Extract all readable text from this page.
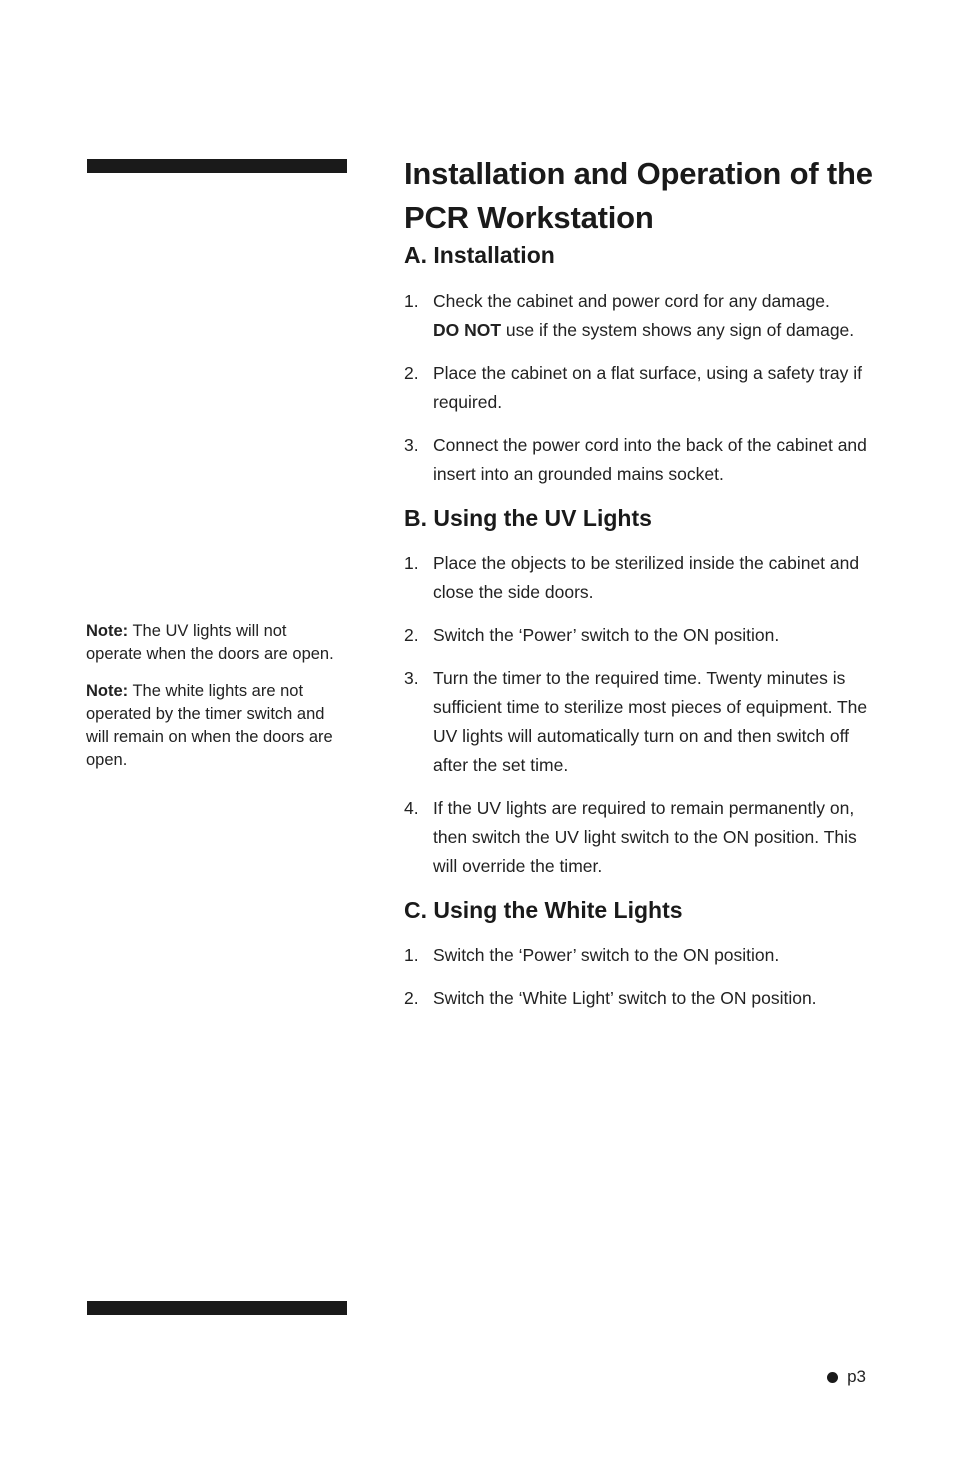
Note: The UV lights will not operate when the doors are open.

Note: The white lights are not operated by the timer switch and will remain on when the doors are open.

Installation and Operation of the PCR Workstation
A. Installation
1. Check the cabinet and power cord for any damage.
DO NOT use if the system shows any sign of damage.
2. Place the cabinet on a flat surface, using a safety tray if required.
3. Connect the power cord into the back of the cabinet and insert into an grounded mains socket.
B. Using the UV Lights
1. Place the objects to be sterilized inside the cabinet and close the side doors.
2. Switch the ‘Power’ switch to the ON position.
3. Turn the timer to the required time. Twenty minutes is sufficient time to sterilize most pieces of equipment. The UV lights will automatically turn on and then switch off after the set time.
4. If the UV lights are required to remain permanently on, then switch the UV light switch to the ON position. This will override the timer.
C. Using the White Lights
1. Switch the ‘Power’ switch to the ON position.
2. Switch the ‘White Light’ switch to the ON position.
p3
